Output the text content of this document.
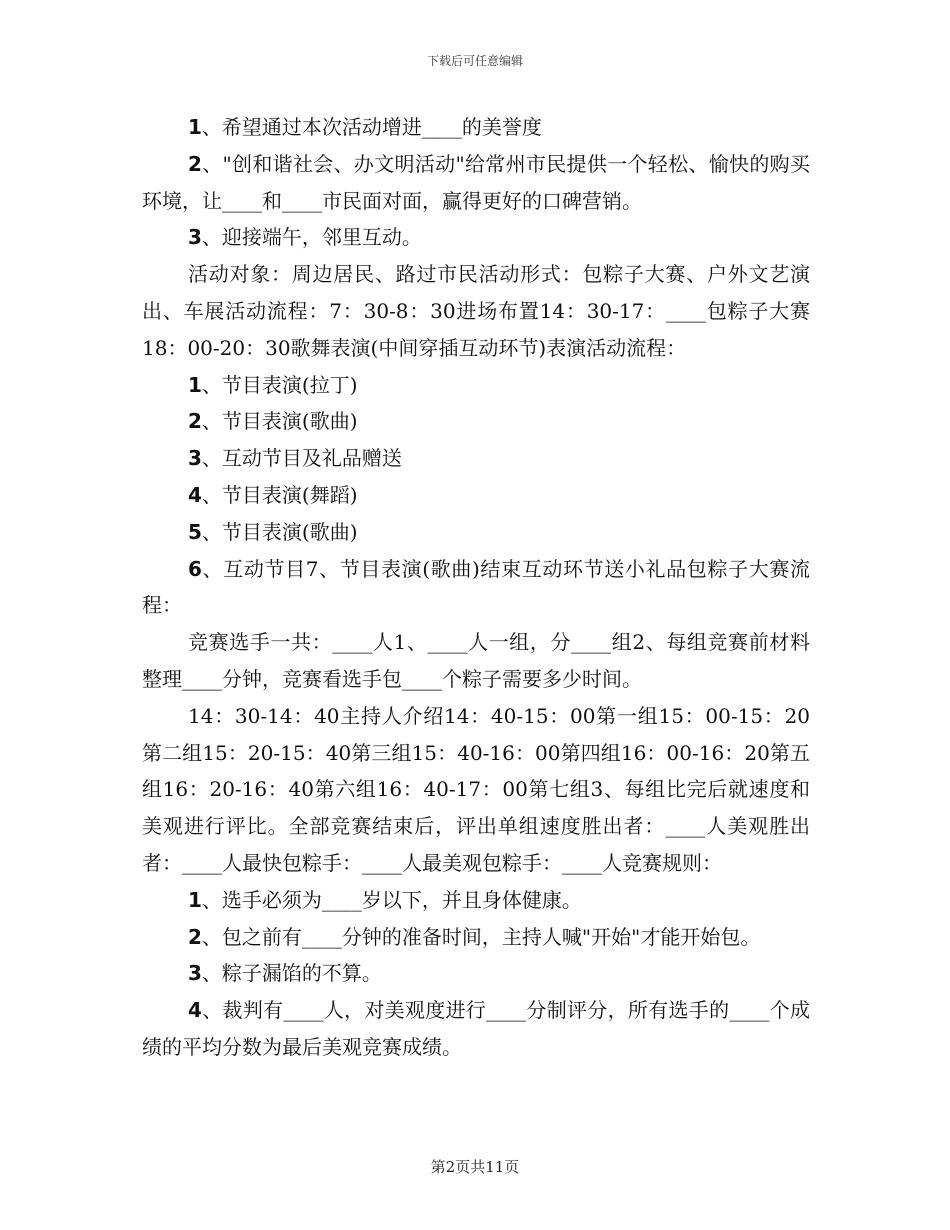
下载后可任意编辑

1、希望通过本次活动增进____的美誉度

2、"创和谐社会、办文明活动"给常州市民提供一个轻松、愉快的购买环境，让____和____市民面对面，赢得更好的口碑营销。

3、迎接端午，邻里互动。

活动对象：周边居民、路过市民活动形式：包粽子大赛、户外文艺演出、车展活动流程：7：30-8：30进场布置14：30-17：____包粽子大赛18：00-20：30歌舞表演(中间穿插互动环节)表演活动流程：

1、节目表演(拉丁)

2、节目表演(歌曲)

3、互动节目及礼品赠送

4、节目表演(舞蹈)

5、节目表演(歌曲)

6、互动节目7、节目表演(歌曲)结束互动环节送小礼品包粽子大赛流程：

竞赛选手一共：____人1、____人一组，分____组2、每组竞赛前材料整理____分钟，竞赛看选手包____个粽子需要多少时间。

14：30-14：40主持人介绍14：40-15：00第一组15：00-15：20第二组15：20-15：40第三组15：40-16：00第四组16：00-16：20第五组16：20-16：40第六组16：40-17：00第七组3、每组比完后就速度和美观进行评比。全部竞赛结束后，评出单组速度胜出者：____人美观胜出者：____人最快包粽手：____人最美观包粽手：____人竞赛规则：

1、选手必须为____岁以下，并且身体健康。

2、包之前有____分钟的准备时间，主持人喊"开始"才能开始包。

3、粽子漏馅的不算。

4、裁判有____人，对美观度进行____分制评分，所有选手的____个成绩的平均分数为最后美观竞赛成绩。

第2页共11页
